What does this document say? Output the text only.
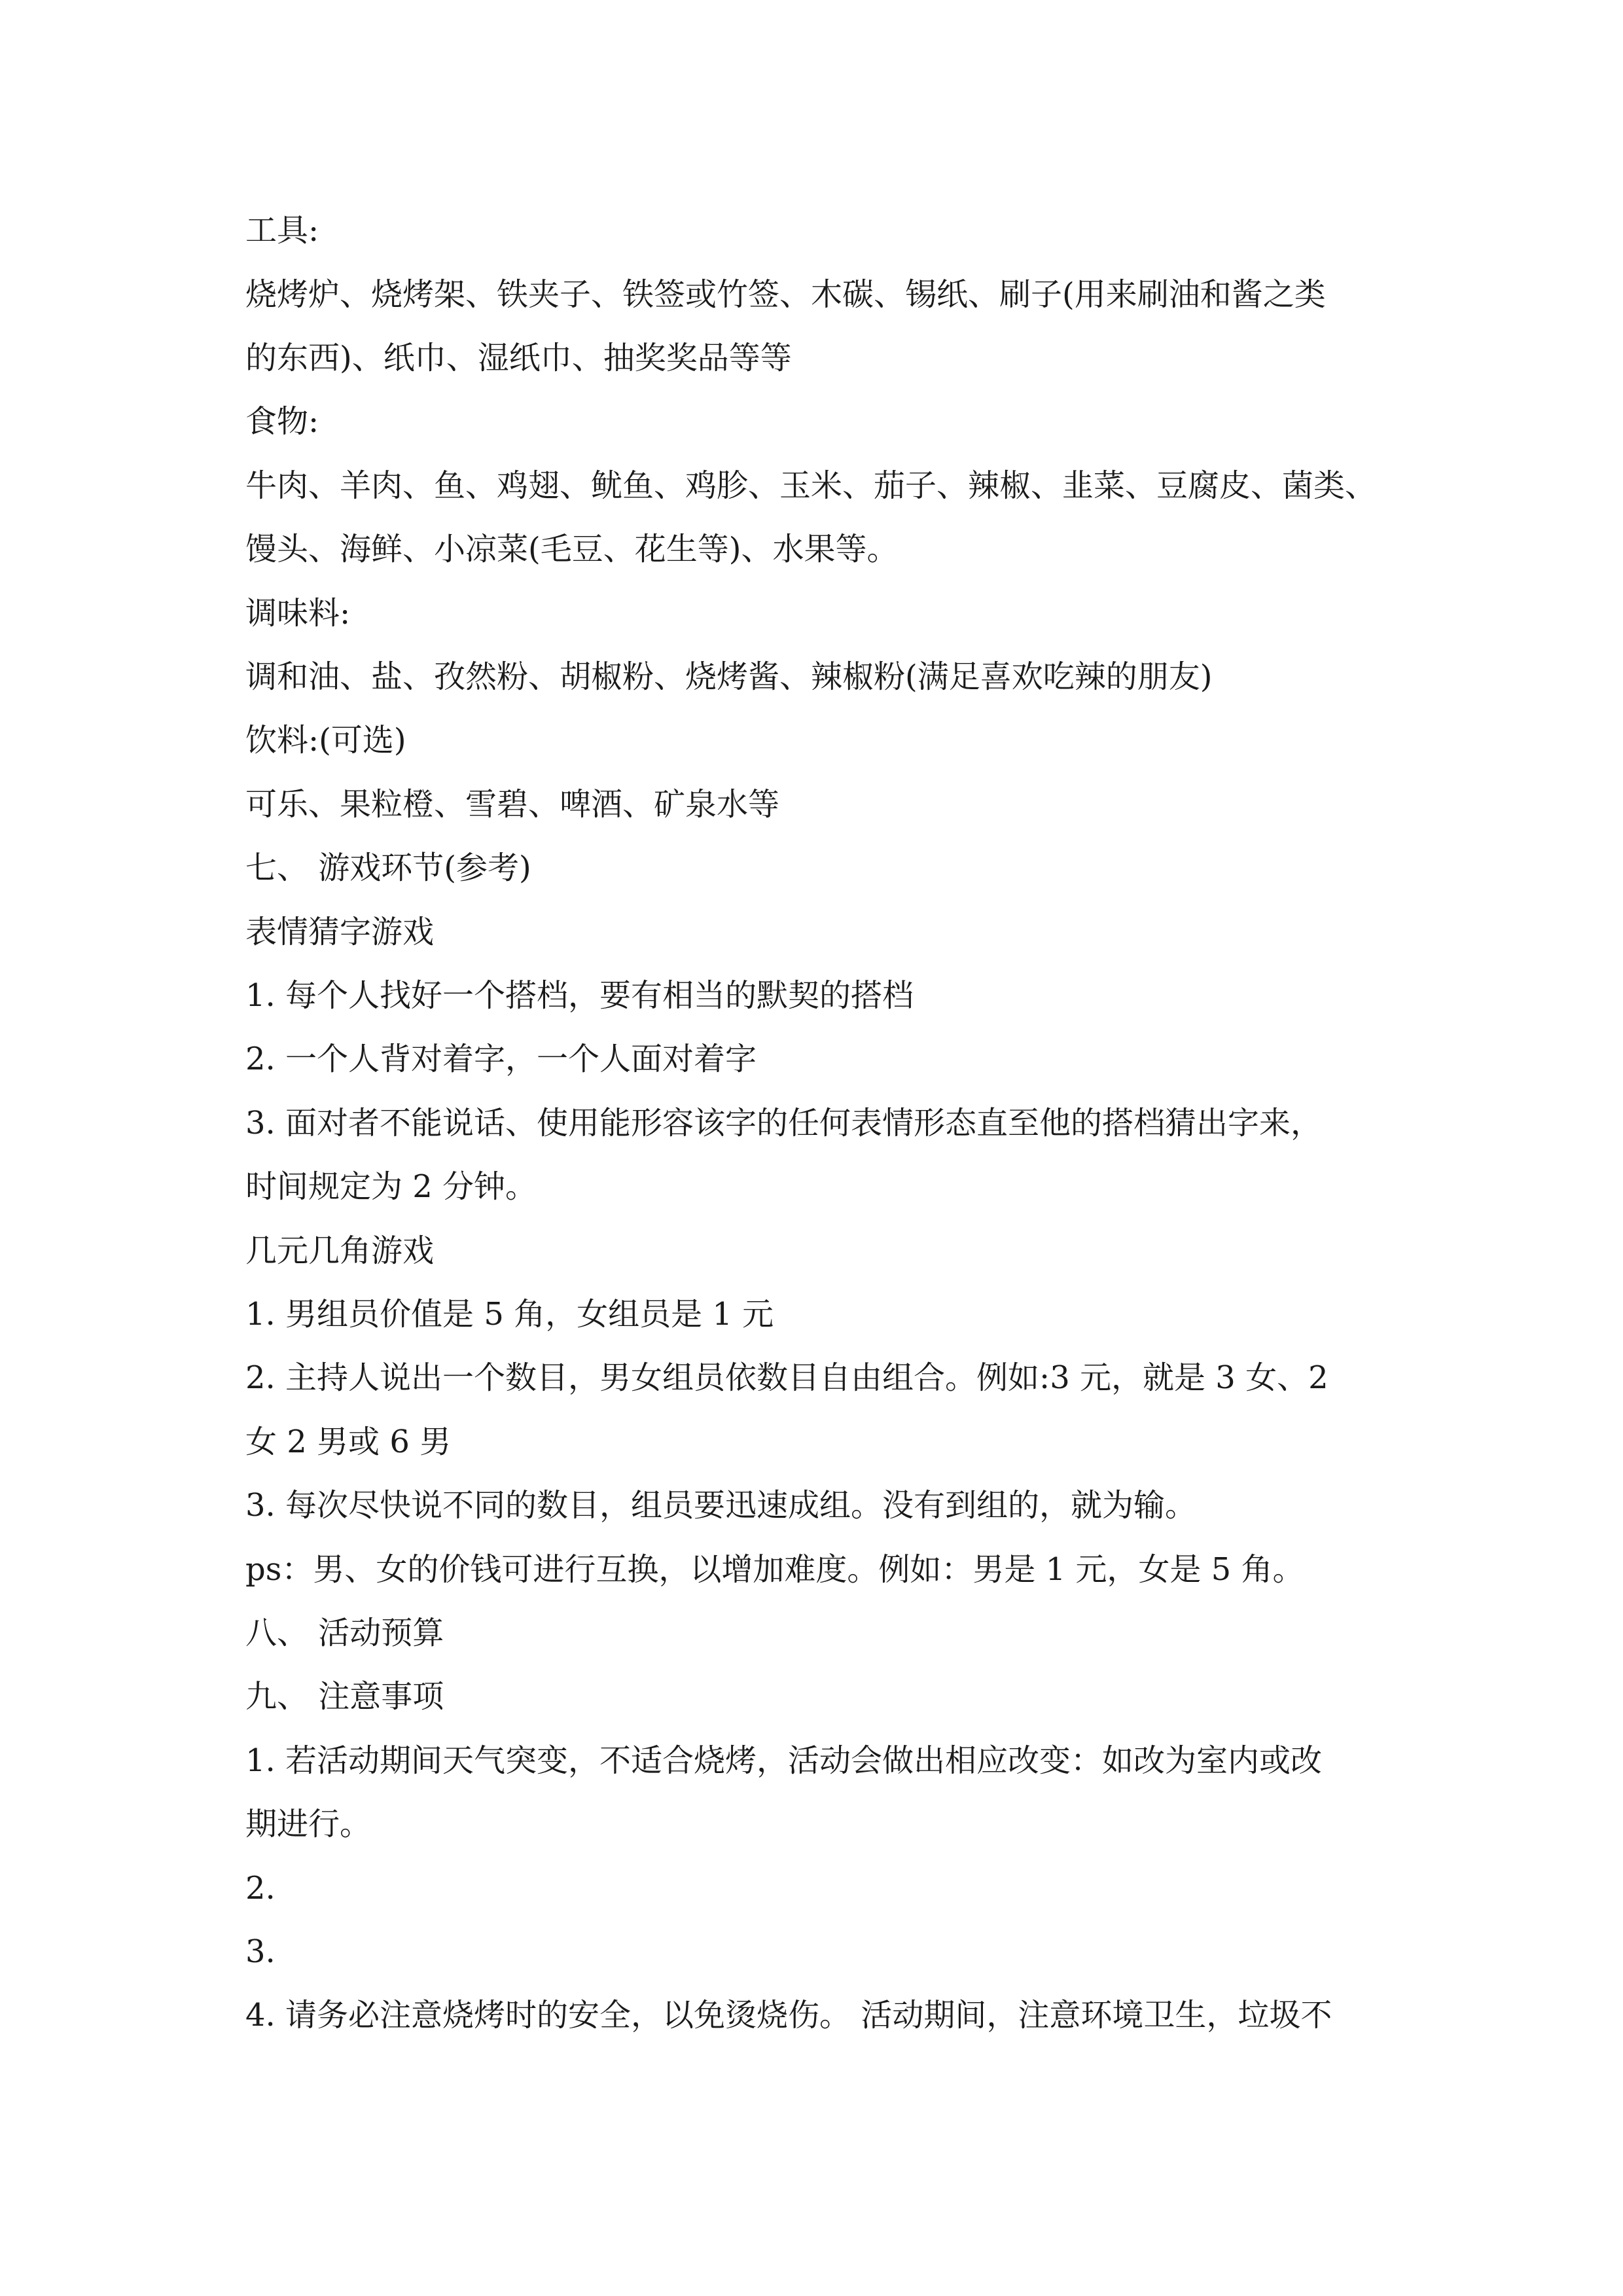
工具:
烧烤炉、烧烤架、铁夹子、铁签或竹签、木碳、锡纸、刷子(用来刷油和酱之类
的东西)、纸巾、湿纸巾、抽奖奖品等等
食物:
牛肉、羊肉、鱼、鸡翅、鱿鱼、鸡胗、玉米、茄子、辣椒、韭菜、豆腐皮、菌类、
馒头、海鲜、小凉菜(毛豆、花生等)、水果等。
调味料:
调和油、盐、孜然粉、胡椒粉、烧烤酱、辣椒粉(满足喜欢吃辣的朋友)
饮料:(可选)
可乐、果粒橙、雪碧、啤酒、矿泉水等
七、 游戏环节(参考)
表情猜字游戏
1. 每个人找好一个搭档，要有相当的默契的搭档
2. 一个人背对着字，一个人面对着字
3. 面对者不能说话、使用能形容该字的任何表情形态直至他的搭档猜出字来，
时间规定为 2 分钟。
几元几角游戏
1. 男组员价值是 5 角，女组员是 1 元
2. 主持人说出一个数目，男女组员依数目自由组合。例如:3 元，就是 3 女、2
女 2 男或 6 男
3. 每次尽快说不同的数目，组员要迅速成组。没有到组的，就为输。
ps：男、女的价钱可进行互换，以增加难度。例如：男是 1 元，女是 5 角。
八、 活动预算
九、 注意事项
1. 若活动期间天气突变，不适合烧烤，活动会做出相应改变：如改为室内或改
期进行。
2.
3.
4. 请务必注意烧烤时的安全，以免烫烧伤。 活动期间，注意环境卫生，垃圾不
